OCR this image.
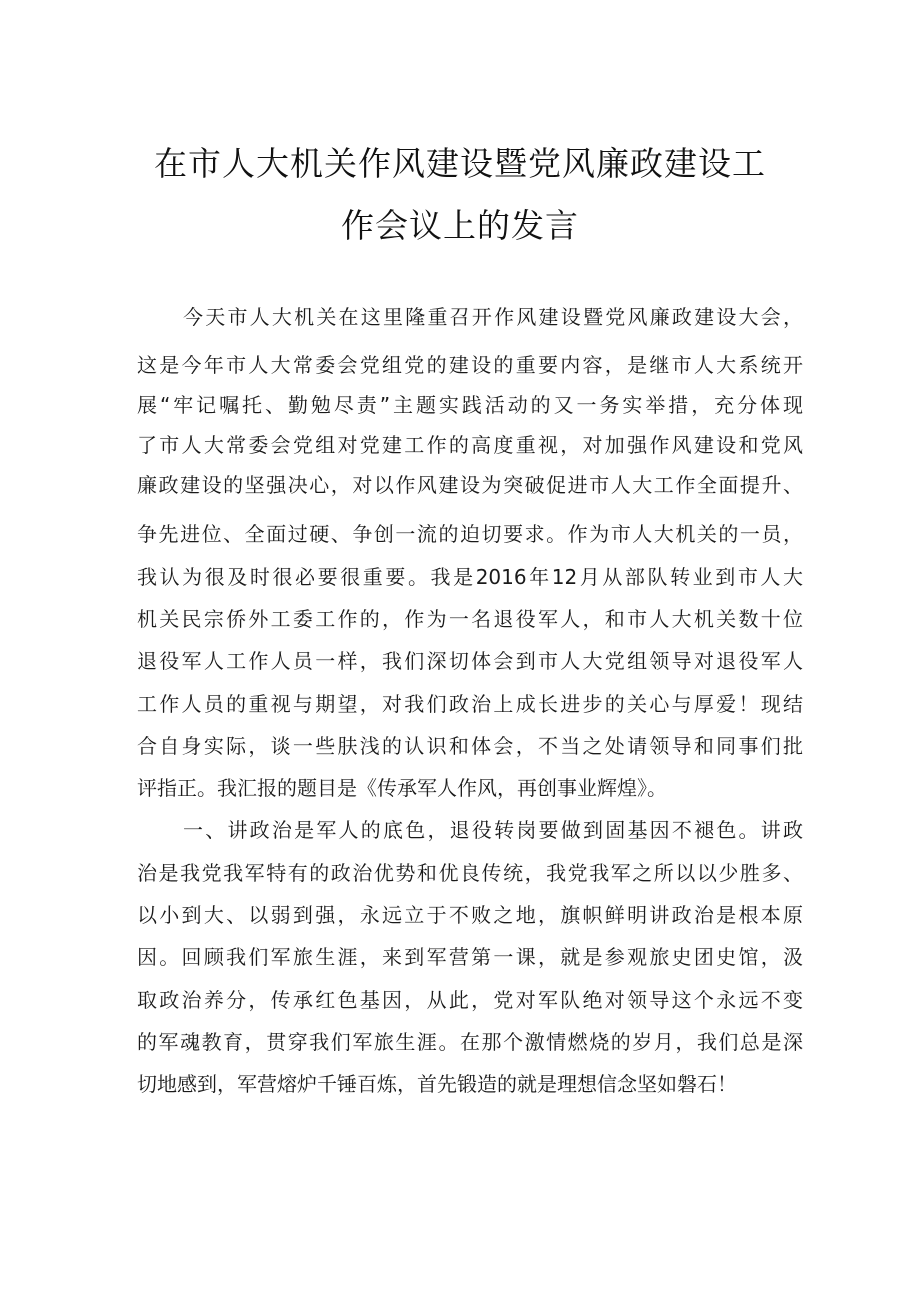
在市人大机关作风建设暨党风廉政建设工
作会议上的发言
今天市人大机关在这里隆重召开作风建设暨党风廉政建设大会，
这是今年市人大常委会党组党的建设的重要内容，是继市人大系统开
展“牢记嘱托、勤勉尽责”主题实践活动的又一务实举措，充分体现
了市人大常委会党组对党建工作的高度重视，对加强作风建设和党风
廉政建设的坚强决心，对以作风建设为突破促进市人大工作全面提升、
争先进位、全面过硬、争创一流的迫切要求。作为市人大机关的一员，
我认为很及时很必要很重要。我是2016年12月从部队转业到市人大
机关民宗侨外工委工作的，作为一名退役军人，和市人大机关数十位
退役军人工作人员一样，我们深切体会到市人大党组领导对退役军人
工作人员的重视与期望，对我们政治上成长进步的关心与厚爱！现结
合自身实际，谈一些肤浅的认识和体会，不当之处请领导和同事们批
评指正。我汇报的题目是《传承军人作风，再创事业辉煌》。
一、讲政治是军人的底色，退役转岗要做到固基因不褪色。讲政
治是我党我军特有的政治优势和优良传统，我党我军之所以以少胜多、
以小到大、以弱到强，永远立于不败之地，旗帜鲜明讲政治是根本原
因。回顾我们军旅生涯，来到军营第一课，就是参观旅史团史馆，汲
取政治养分，传承红色基因，从此，党对军队绝对领导这个永远不变
的军魂教育，贯穿我们军旅生涯。在那个激情燃烧的岁月，我们总是深
切地感到，军营熔炉千锤百炼，首先锻造的就是理想信念坚如磐石！
